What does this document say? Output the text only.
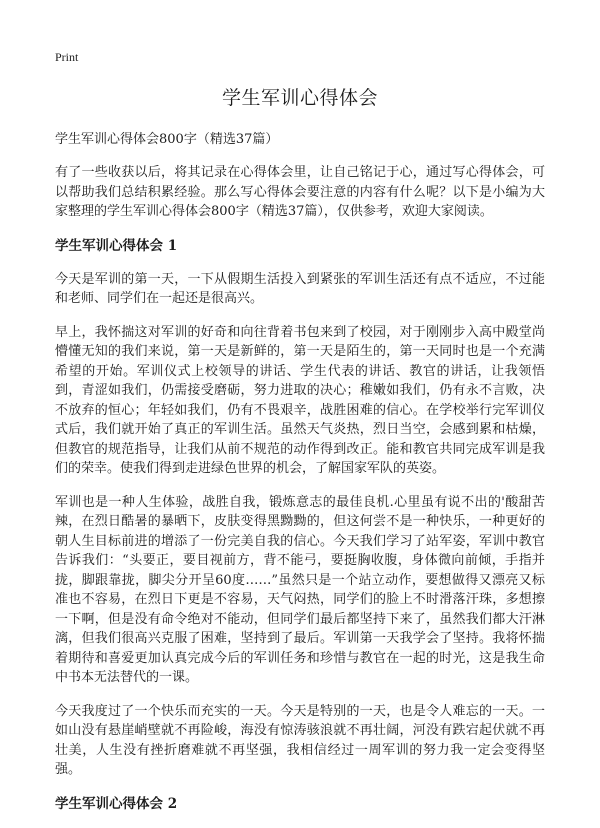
Print
学生军训心得体会

学生军训心得体会800字（精选37篇）

有了一些收获以后，将其记录在心得体会里，让自己铭记于心，通过写心得体会，可以帮助我们总结积累经验。那么写心得体会要注意的内容有什么呢？以下是小编为大家整理的学生军训心得体会800字（精选37篇），仅供参考，欢迎大家阅读。

学生军训心得体会 1

今天是军训的第一天，一下从假期生活投入到紧张的军训生活还有点不适应，不过能和老师、同学们在一起还是很高兴。

早上，我怀揣这对军训的好奇和向往背着书包来到了校园，对于刚刚步入高中殿堂尚懵懂无知的我们来说，第一天是新鲜的，第一天是陌生的，第一天同时也是一个充满希望的开始。军训仪式上校领导的讲话、学生代表的讲话、教官的讲话，让我领悟到，青涩如我们，仍需接受磨砺，努力进取的决心；稚嫩如我们，仍有永不言败，决不放弃的恒心；年轻如我们，仍有不畏艰辛，战胜困难的信心。在学校举行完军训仪式后，我们就开始了真正的军训生活。虽然天气炎热，烈日当空，会感到累和枯燥，但教官的规范指导，让我们从前不规范的动作得到改正。能和教官共同完成军训是我们的荣幸。使我们得到走进绿色世界的机会，了解国家军队的英姿。

军训也是一种人生体验，战胜自我，锻炼意志的最佳良机.心里虽有说不出的'酸甜苦辣，在烈日酷暑的暴晒下，皮肤变得黑黝黝的，但这何尝不是一种快乐，一种更好的朝人生目标前进的增添了一份完美自我的信心。今天我们学习了站军姿，军训中教官告诉我们：“头要正，要目视前方，背不能弓，要挺胸收腹，身体微向前倾，手指并拢，脚跟靠拢，脚尖分开呈60度……”虽然只是一个站立动作，要想做得又漂亮又标准也不容易，在烈日下更是不容易，天气闷热，同学们的脸上不时滑落汗珠，多想擦一下啊，但是没有命令绝对不能动，但同学们最后都坚持下来了，虽然我们都大汗淋漓，但我们很高兴克服了困难，坚持到了最后。军训第一天我学会了坚持。我将怀揣着期待和喜爱更加认真完成今后的军训任务和珍惜与教官在一起的时光，这是我生命中书本无法替代的一课。

今天我度过了一个快乐而充实的一天。今天是特别的一天，也是令人难忘的一天。一如山没有悬崖峭壁就不再险峻，海没有惊涛骇浪就不再壮阔，河没有跌宕起伏就不再壮美，人生没有挫折磨难就不再坚强，我相信经过一周军训的努力我一定会变得坚强。

学生军训心得体会 2
